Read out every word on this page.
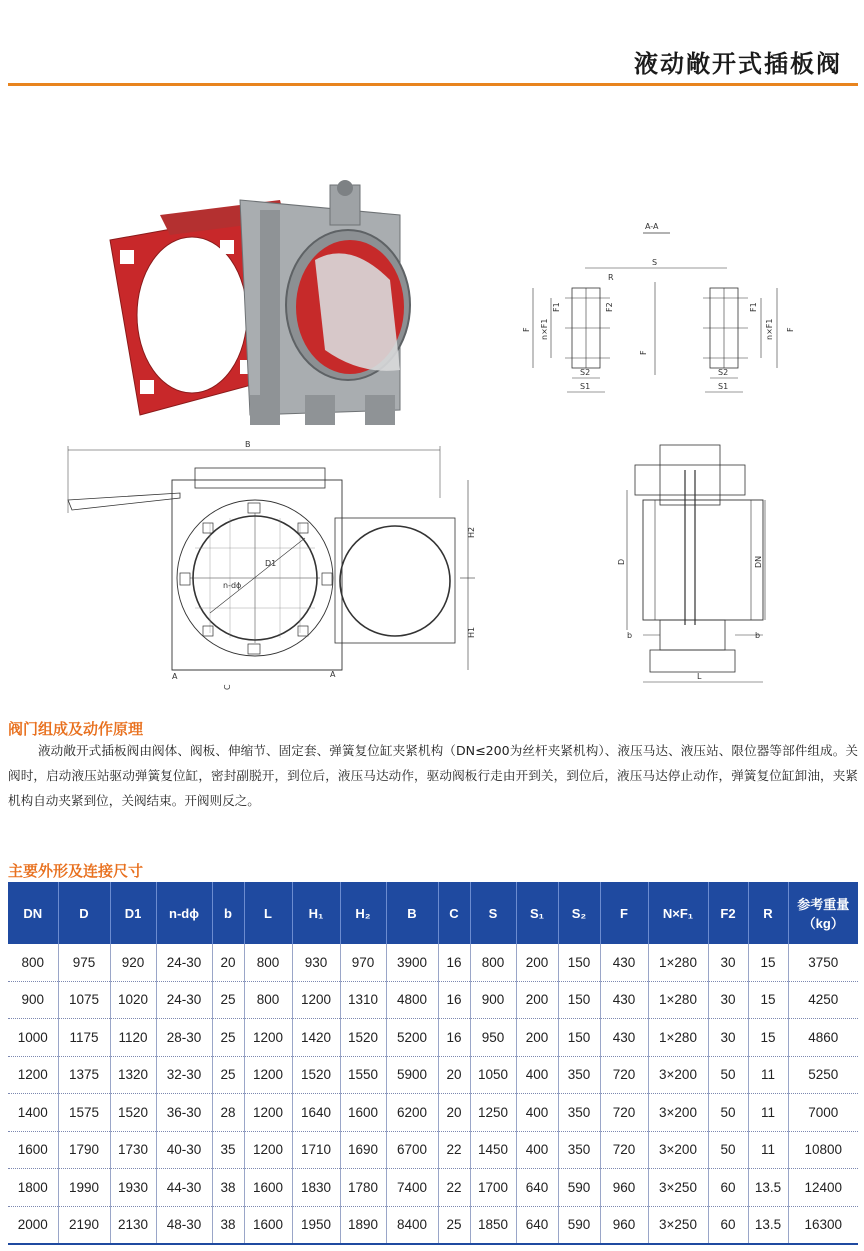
液动敞开式插板阀
A-A
S
R
F
F n×F1
F1	F2
S2
S1
F
n×F1
F1
S2
S1
B
D1
n-dϕ
H2
H1
A	A
C
D	DN
b	b
L
阀门组成及动作原理
液动敞开式插板阀由阀体、阀板、伸缩节、固定套、弹簧复位缸夹紧机构（DN≤200为丝杆夹紧机构）、液压马达、液压站、限位器等部件组成。关阀时，启动液压站驱动弹簧复位缸，密封副脱开，到位后，液压马达动作，驱动阀板行走由开到关，到位后，液压马达停止动作，弹簧复位缸卸油，夹紧机构自动夹紧到位，关阀结束。开阀则反之。
主要外形及连接尺寸
DN	D	D1	n-dϕ	b	L	H₁	H₂	B	C	S	S₁	S₂	F	N×F₁	F2	R	参考重量（kg）
800	975	920	24-30	20	800	930	970	3900	16	800	200	150	430	1×280	30	15	3750
900	1075	1020	24-30	25	800	1200	1310	4800	16	900	200	150	430	1×280	30	15	4250
1000	1175	1120	28-30	25	1200	1420	1520	5200	16	950	200	150	430	1×280	30	15	4860
1200	1375	1320	32-30	25	1200	1520	1550	5900	20	1050	400	350	720	3×200	50	11	5250
1400	1575	1520	36-30	28	1200	1640	1600	6200	20	1250	400	350	720	3×200	50	11	7000
1600	1790	1730	40-30	35	1200	1710	1690	6700	22	1450	400	350	720	3×200	50	11	10800
1800	1990	1930	44-30	38	1600	1830	1780	7400	22	1700	640	590	960	3×250	60	13.5	12400
2000	2190	2130	48-30	38	1600	1950	1890	8400	25	1850	640	590	960	3×250	60	13.5	16300
